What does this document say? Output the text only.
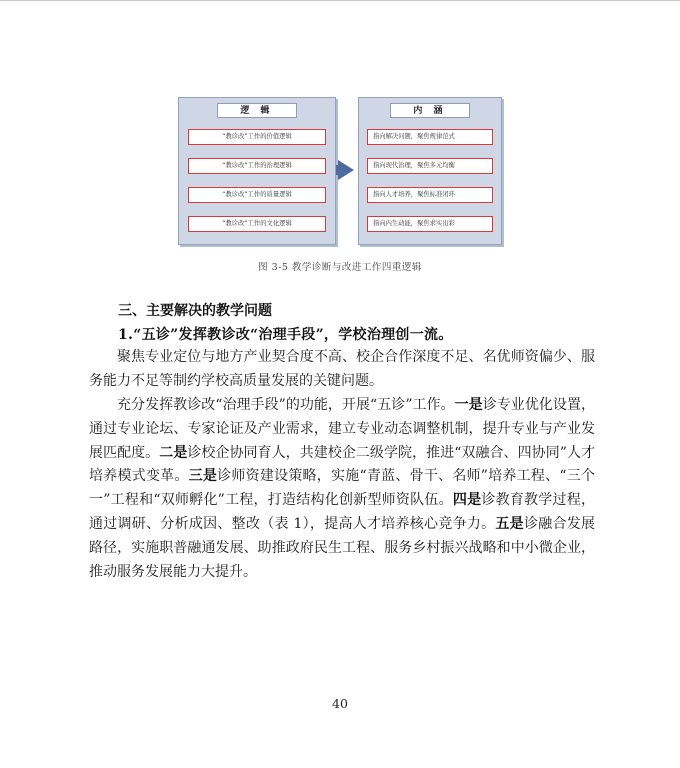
逻 辑
“教诊改”工作的价值逻辑
“教诊改”工作的治理逻辑
“教诊改”工作的质量逻辑
“教诊改”工作的文化逻辑
内 涵
指向解决问题，聚焦规律范式
指向现代治理，聚焦多元均衡
指向人才培养，聚焦标准闭环
指向内生动能，聚焦求实出彩
图 3-5 教学诊断与改进工作四重逻辑
三、主要解决的教学问题
1.“五诊”发挥教诊改“治理手段”，学校治理创一流。

聚焦专业定位与地方产业契合度不高、校企合作深度不足、名优师资偏少、服务能力不足等制约学校高质量发展的关键问题。

充分发挥教诊改“治理手段”的功能，开展“五诊”工作。一是诊专业优化设置，通过专业论坛、专家论证及产业需求，建立专业动态调整机制，提升专业与产业发展匹配度。二是诊校企协同育人，共建校企二级学院，推进“双融合、四协同”人才培养模式变革。三是诊师资建设策略，实施“青蓝、骨干、名师”培养工程、“三个一”工程和“双师孵化”工程，打造结构化创新型师资队伍。四是诊教育教学过程，通过调研、分析成因、整改（表 1），提高人才培养核心竞争力。五是诊融合发展路径，实施职普融通发展、助推政府民生工程、服务乡村振兴战略和中小微企业，推动服务发展能力大提升。

40
